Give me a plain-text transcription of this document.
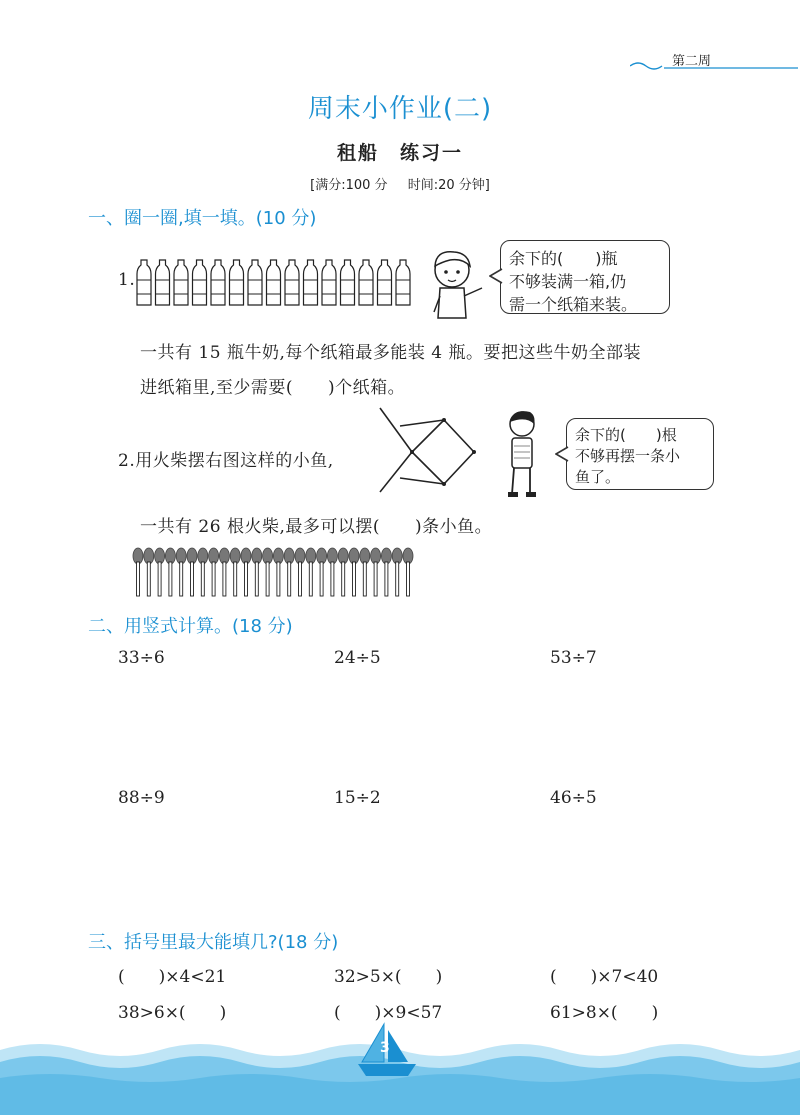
第二周
周末小作业(二)
租船　练习一
[满分:100 分 时间:20 分钟]
一、圈一圈,填一填。(10 分)
1.
余下的(　　)瓶
不够装满一箱,仍
需一个纸箱来装。
一共有 15 瓶牛奶,每个纸箱最多能装 4 瓶。要把这些牛奶全部装
进纸箱里,至少需要(　　)个纸箱。
2.用火柴摆右图这样的小鱼,
余下的(　　)根
不够再摆一条小
鱼了。
一共有 26 根火柴,最多可以摆(　　)条小鱼。
二、用竖式计算。(18 分)
33÷6	24÷5	53÷7
88÷9	15÷2	46÷5
三、括号里最大能填几?(18 分)
(　　)×4<21	32>5×(　　)	(　　)×7<40
38>6×(　　)	(　　)×9<57	61>8×(　　)
3
